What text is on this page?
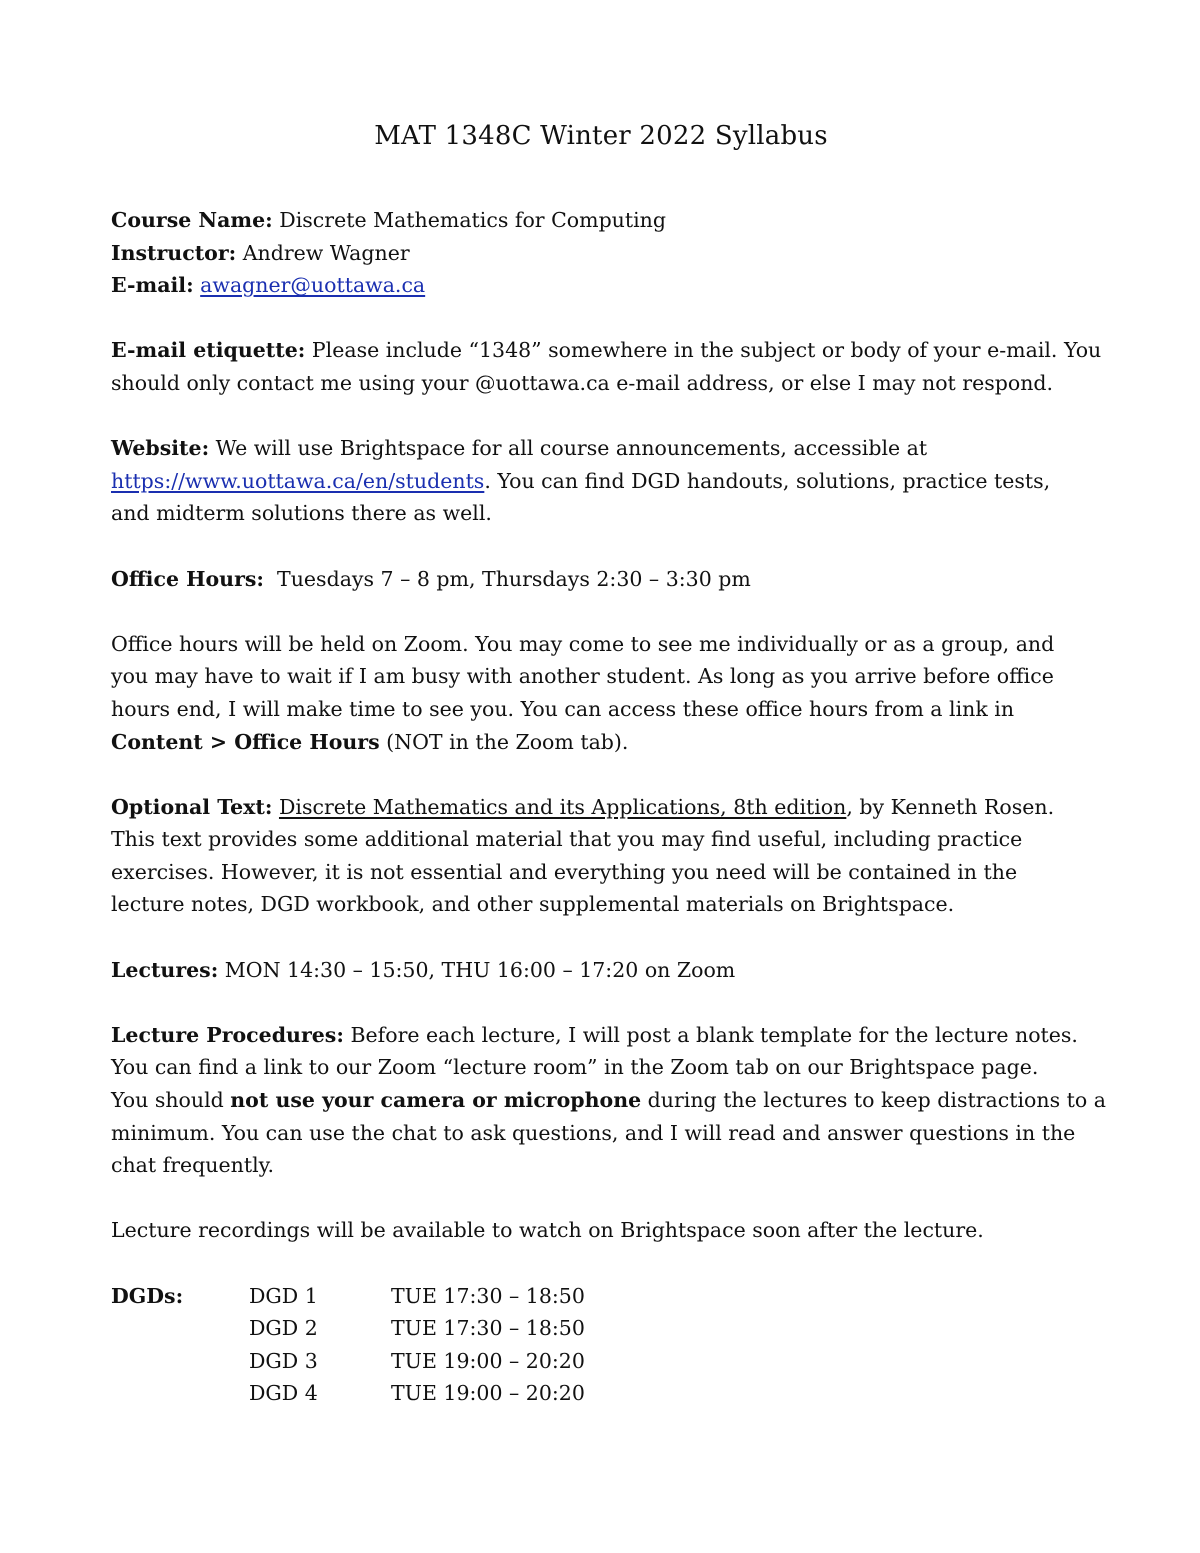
MAT 1348C Winter 2022 Syllabus
Course Name: Discrete Mathematics for Computing
Instructor: Andrew Wagner
E-mail: awagner@uottawa.ca
E-mail etiquette: Please include “1348” somewhere in the subject or body of your e-mail. You
should only contact me using your @uottawa.ca e-mail address, or else I may not respond.
Website: We will use Brightspace for all course announcements, accessible at
https://www.uottawa.ca/en/students. You can find DGD handouts, solutions, practice tests,
and midterm solutions there as well.
Office Hours: Tuesdays 7 – 8 pm, Thursdays 2:30 – 3:30 pm
Office hours will be held on Zoom. You may come to see me individually or as a group, and
you may have to wait if I am busy with another student. As long as you arrive before office
hours end, I will make time to see you. You can access these office hours from a link in
Content > Office Hours (NOT in the Zoom tab).
Optional Text: Discrete Mathematics and its Applications, 8th edition, by Kenneth Rosen.
This text provides some additional material that you may find useful, including practice
exercises. However, it is not essential and everything you need will be contained in the
lecture notes, DGD workbook, and other supplemental materials on Brightspace.
Lectures: MON 14:30 – 15:50, THU 16:00 – 17:20 on Zoom
Lecture Procedures: Before each lecture, I will post a blank template for the lecture notes.
You can find a link to our Zoom “lecture room” in the Zoom tab on our Brightspace page.
You should not use your camera or microphone during the lectures to keep distractions to a
minimum. You can use the chat to ask questions, and I will read and answer questions in the
chat frequently.
Lecture recordings will be available to watch on Brightspace soon after the lecture.
DGDs:	DGD 1	TUE 17:30 – 18:50
DGD 2	TUE 17:30 – 18:50
DGD 3	TUE 19:00 – 20:20
DGD 4	TUE 19:00 – 20:20
